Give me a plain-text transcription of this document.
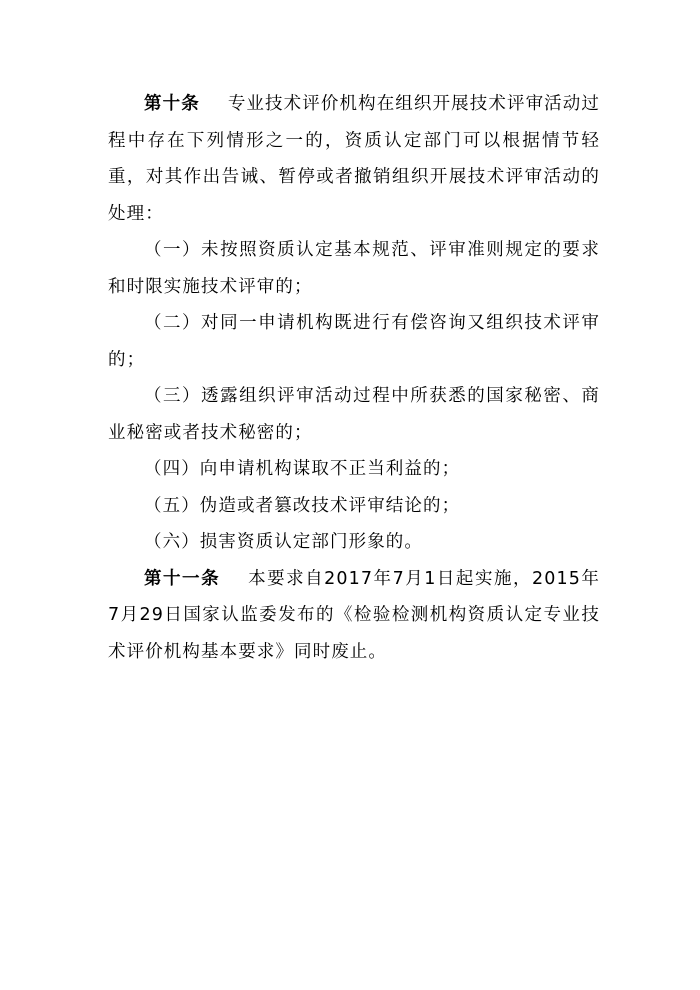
第十条 专业技术评价机构在组织开展技术评审活动过程中存在下列情形之一的，资质认定部门可以根据情节轻重，对其作出告诫、暂停或者撤销组织开展技术评审活动的处理：

（一）未按照资质认定基本规范、评审准则规定的要求和时限实施技术评审的；

（二）对同一申请机构既进行有偿咨询又组织技术评审的；

（三）透露组织评审活动过程中所获悉的国家秘密、商业秘密或者技术秘密的；

（四）向申请机构谋取不正当利益的；

（五）伪造或者篡改技术评审结论的；

（六）损害资质认定部门形象的。

第十一条 本要求自2017年7月1日起实施，2015年7月29日国家认监委发布的《检验检测机构资质认定专业技术评价机构基本要求》同时废止。
